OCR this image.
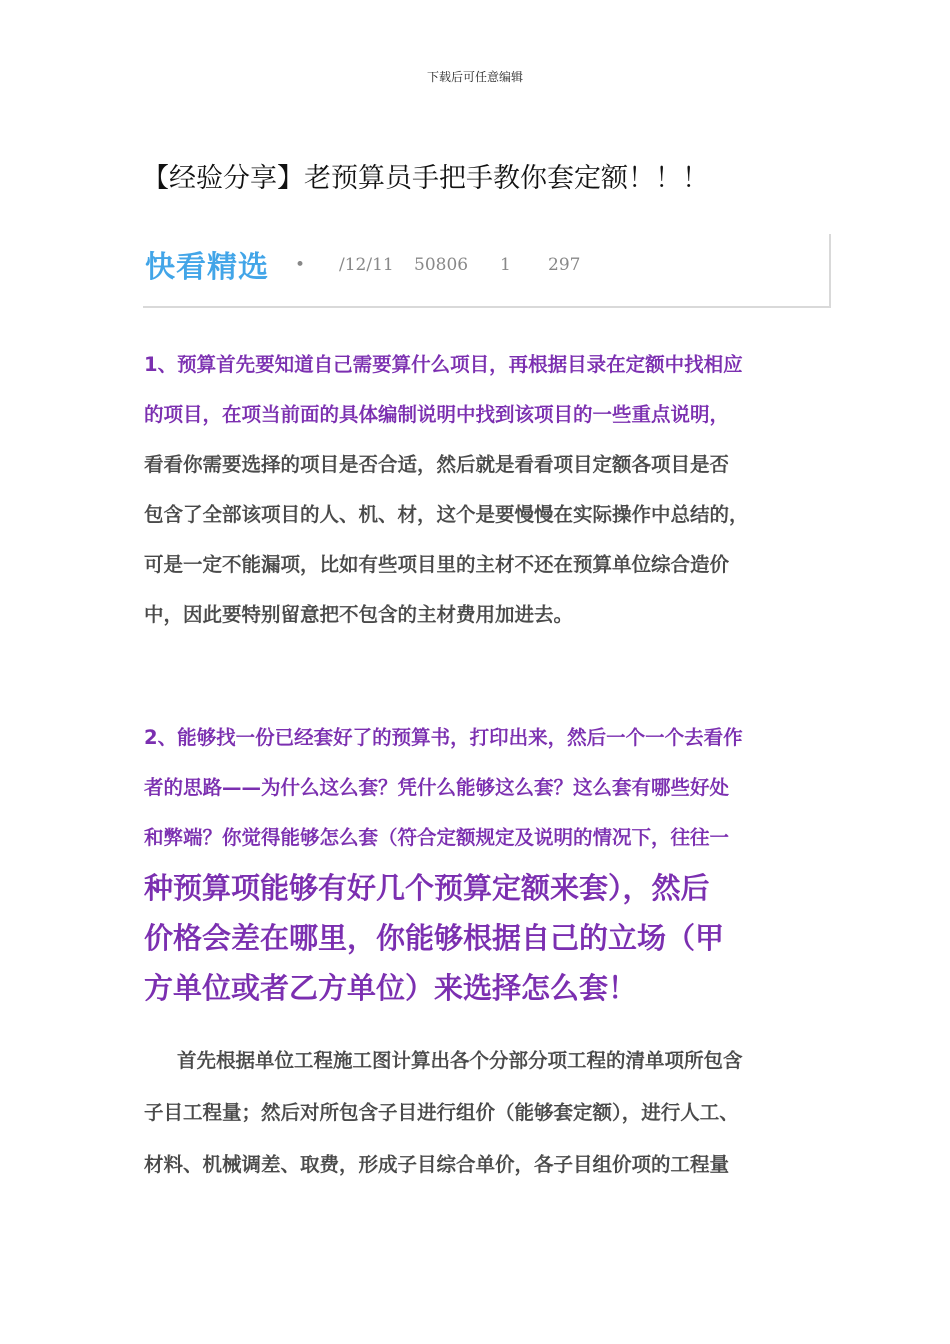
下载后可任意编辑
【经验分享】老预算员手把手教你套定额！！！
快看精选 • /12/11 50806 1 297
1、预算首先要知道自己需要算什么项目，再根据目录在定额中找相应
的项目，在项当前面的具体编制说明中找到该项目的一些重点说明，
看看你需要选择的项目是否合适，然后就是看看项目定额各项目是否
包含了全部该项目的人、机、材，这个是要慢慢在实际操作中总结的，
可是一定不能漏项，比如有些项目里的主材不还在预算单位综合造价
中，因此要特别留意把不包含的主材费用加进去。
2、能够找一份已经套好了的预算书，打印出来，然后一个一个去看作
者的思路——为什么这么套？凭什么能够这么套？这么套有哪些好处
和弊端？你觉得能够怎么套（符合定额规定及说明的情况下，往往一
种预算项能够有好几个预算定额来套），然后
价格会差在哪里，你能够根据自己的立场（甲
方单位或者乙方单位）来选择怎么套！
首先根据单位工程施工图计算出各个分部分项工程的清单项所包含
子目工程量；然后对所包含子目进行组价（能够套定额），进行人工、
材料、机械调差、取费，形成子目综合单价，各子目组价项的工程量
